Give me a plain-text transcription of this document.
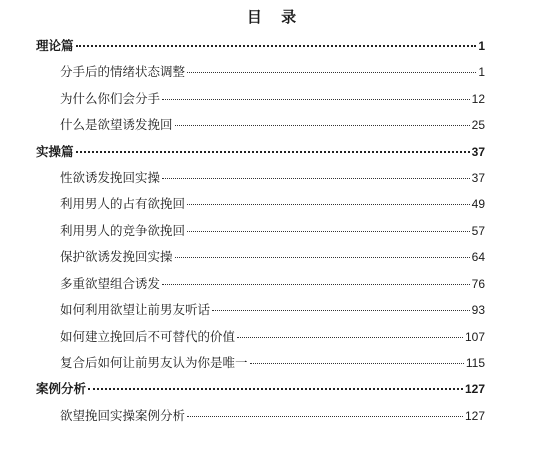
目 录
理论篇	1
分手后的情绪状态调整	1
为什么你们会分手	12
什么是欲望诱发挽回	25
实操篇	37
性欲诱发挽回实操	37
利用男人的占有欲挽回	49
利用男人的竞争欲挽回	57
保护欲诱发挽回实操	64
多重欲望组合诱发	76
如何利用欲望让前男友听话	93
如何建立挽回后不可替代的价值	107
复合后如何让前男友认为你是唯一	115
案例分析	127
欲望挽回实操案例分析	127
